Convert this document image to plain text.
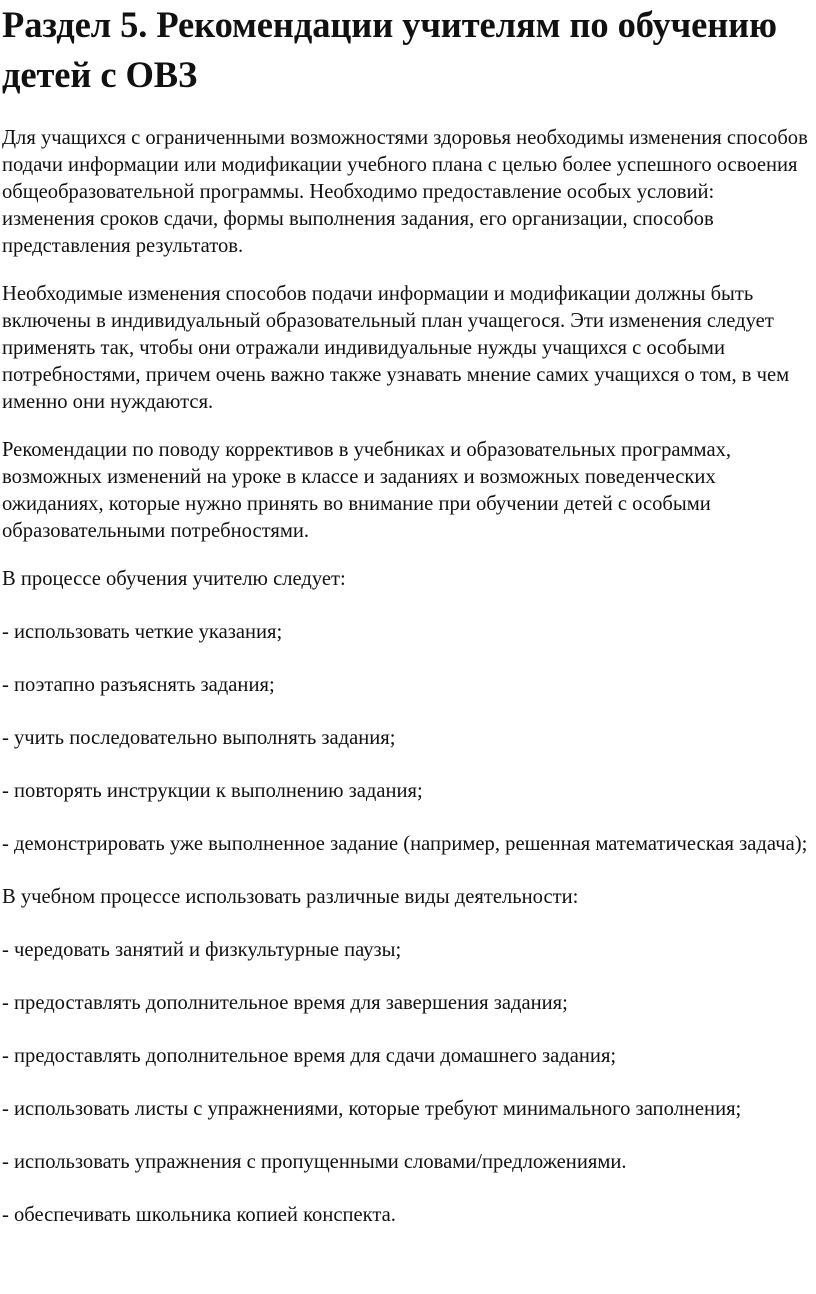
Раздел 5. Рекомендации учителям по обучению детей с ОВЗ

Для учащихся с ограниченными возможностями здоровья необходимы изменения способов подачи информации или модификации учебного плана с целью более успешного освоения общеобразовательной программы. Необходимо предоставление особых условий: изменения сроков сдачи, формы выполнения задания, его организации, способов представления результатов.

Необходимые изменения способов подачи информации и модификации должны быть включены в индивидуальный образовательный план учащегося. Эти изменения следует применять так, чтобы они отражали индивидуальные нужды учащихся с особыми потребностями, причем очень важно также узнавать мнение самих учащихся о том, в чем именно они нуждаются.

Рекомендации по поводу коррективов в учебниках и образовательных программах, возможных изменений на уроке в классе и заданиях и возможных поведенческих ожиданиях, которые нужно принять во внимание при обучении детей с особыми образовательными потребностями.

В процессе обучения учителю следует:

- использовать четкие указания;

- поэтапно разъяснять задания;

- учить последовательно выполнять задания;

- повторять инструкции к выполнению задания;

- демонстрировать уже выполненное задание (например, решенная математическая задача);

В учебном процессе использовать различные виды деятельности:

- чередовать занятий и физкультурные паузы;

- предоставлять дополнительное время для завершения задания;

- предоставлять дополнительное время для сдачи домашнего задания;

- использовать листы с упражнениями, которые требуют минимального заполнения;

- использовать упражнения с пропущенными словами/предложениями.

- обеспечивать школьника копией конспекта.
